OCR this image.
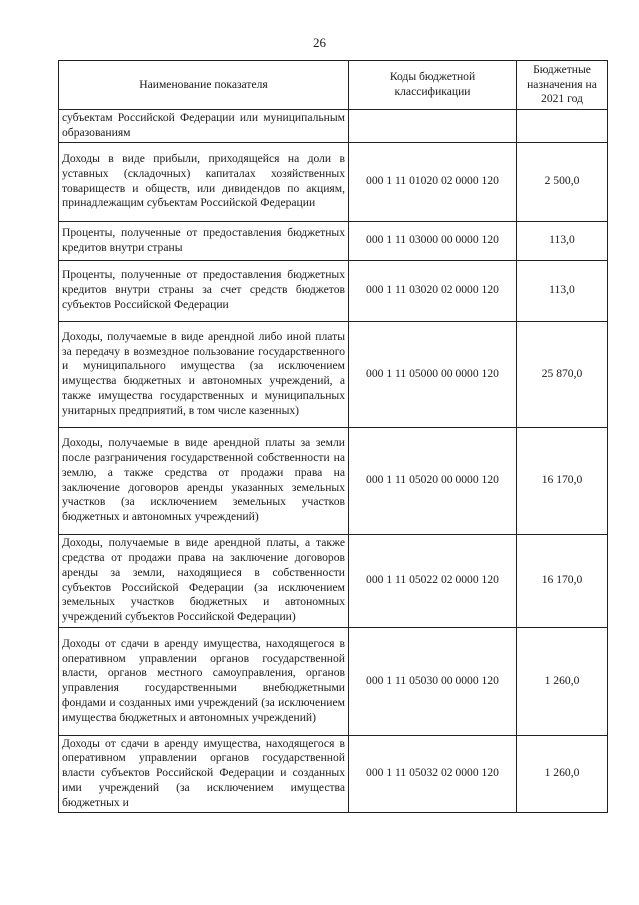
26
Наименование показателя	Коды бюджетной классификации	Бюджетные назначения на 2021 год
субъектам Российской Федерации или муниципальным образованиям		
Доходы в виде прибыли, приходящейся на доли в уставных (складочных) капиталах хозяйственных товариществ и обществ, или дивидендов по акциям, принадлежащим субъектам Российской Федерации	000 1 11 01020 02 0000 120	2 500,0
Проценты, полученные от предоставления бюджетных кредитов внутри страны	000 1 11 03000 00 0000 120	113,0
Проценты, полученные от предоставления бюджетных кредитов внутри страны за счет средств бюджетов субъектов Российской Федерации	000 1 11 03020 02 0000 120	113,0
Доходы, получаемые в виде арендной либо иной платы за передачу в возмездное пользование государственного и муниципального имущества (за исключением имущества бюджетных и автономных учреждений, а также имущества государственных и муниципальных унитарных предприятий, в том числе казенных)	000 1 11 05000 00 0000 120	25 870,0
Доходы, получаемые в виде арендной платы за земли после разграничения государственной собственности на землю, а также средства от продажи права на заключение договоров аренды указанных земельных участков (за исключением земельных участков бюджетных и автономных учреждений)	000 1 11 05020 00 0000 120	16 170,0
Доходы, получаемые в виде арендной платы, а также средства от продажи права на заключение договоров аренды за земли, находящиеся в собственности субъектов Российской Федерации (за исключением земельных участков бюджетных и автономных учреждений субъектов Российской Федерации)	000 1 11 05022 02 0000 120	16 170,0
Доходы от сдачи в аренду имущества, находящегося в оперативном управлении органов государственной власти, органов местного самоуправления, органов управления государственными внебюджетными фондами и созданных ими учреждений (за исключением имущества бюджетных и автономных учреждений)	000 1 11 05030 00 0000 120	1 260,0
Доходы от сдачи в аренду имущества, находящегося в оперативном управлении органов государственной власти субъектов Российской Федерации и созданных ими учреждений (за исключением имущества бюджетных и	000 1 11 05032 02 0000 120	1 260,0
